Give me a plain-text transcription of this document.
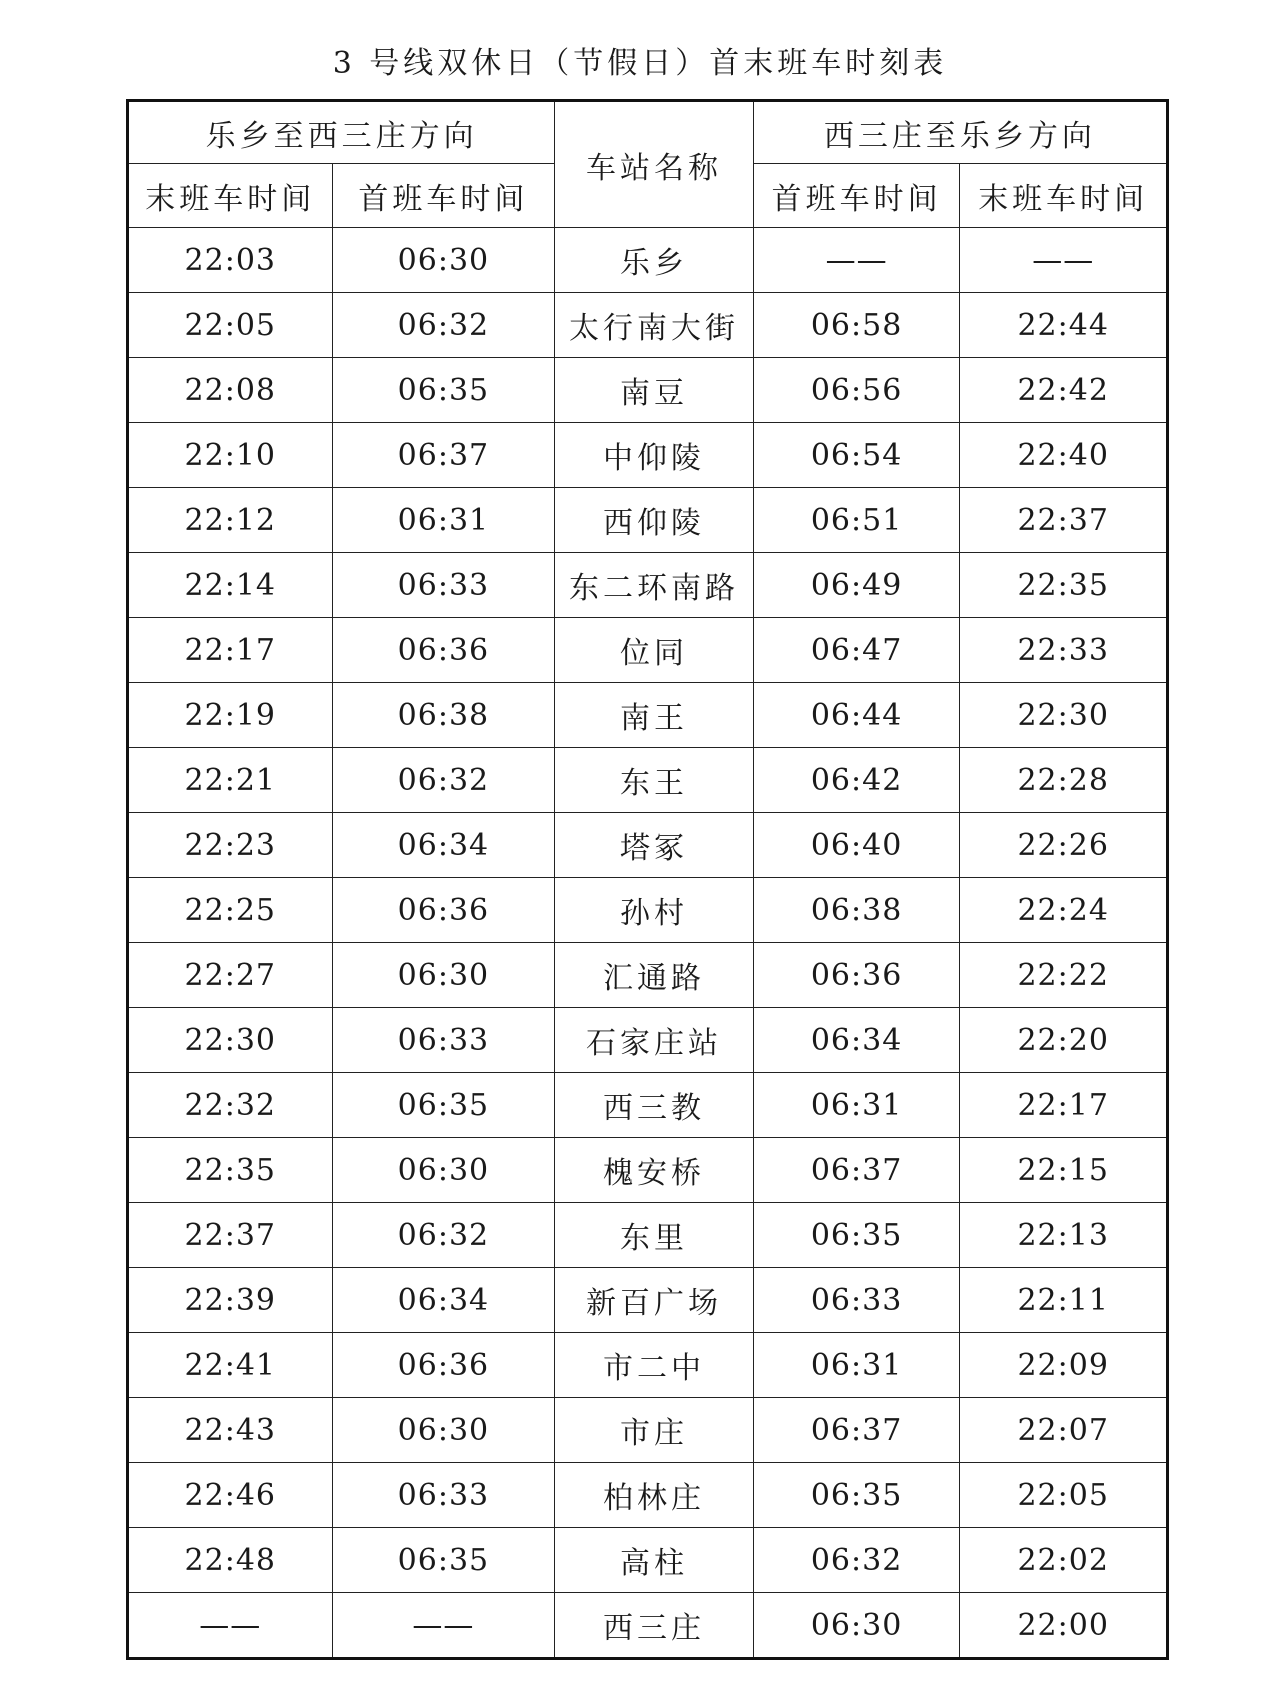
3 号线双休日（节假日）首末班车时刻表
乐乡至西三庄方向		车站名称	西三庄至乐乡方向	
末班车时间	首班车时间		首班车时间	末班车时间
22:03	06:30	乐乡	——	——
22:05	06:32	太行南大街	06:58	22:44
22:08	06:35	南豆	06:56	22:42
22:10	06:37	中仰陵	06:54	22:40
22:12	06:31	西仰陵	06:51	22:37
22:14	06:33	东二环南路	06:49	22:35
22:17	06:36	位同	06:47	22:33
22:19	06:38	南王	06:44	22:30
22:21	06:32	东王	06:42	22:28
22:23	06:34	塔冢	06:40	22:26
22:25	06:36	孙村	06:38	22:24
22:27	06:30	汇通路	06:36	22:22
22:30	06:33	石家庄站	06:34	22:20
22:32	06:35	西三教	06:31	22:17
22:35	06:30	槐安桥	06:37	22:15
22:37	06:32	东里	06:35	22:13
22:39	06:34	新百广场	06:33	22:11
22:41	06:36	市二中	06:31	22:09
22:43	06:30	市庄	06:37	22:07
22:46	06:33	柏林庄	06:35	22:05
22:48	06:35	高柱	06:32	22:02
——	——	西三庄	06:30	22:00
